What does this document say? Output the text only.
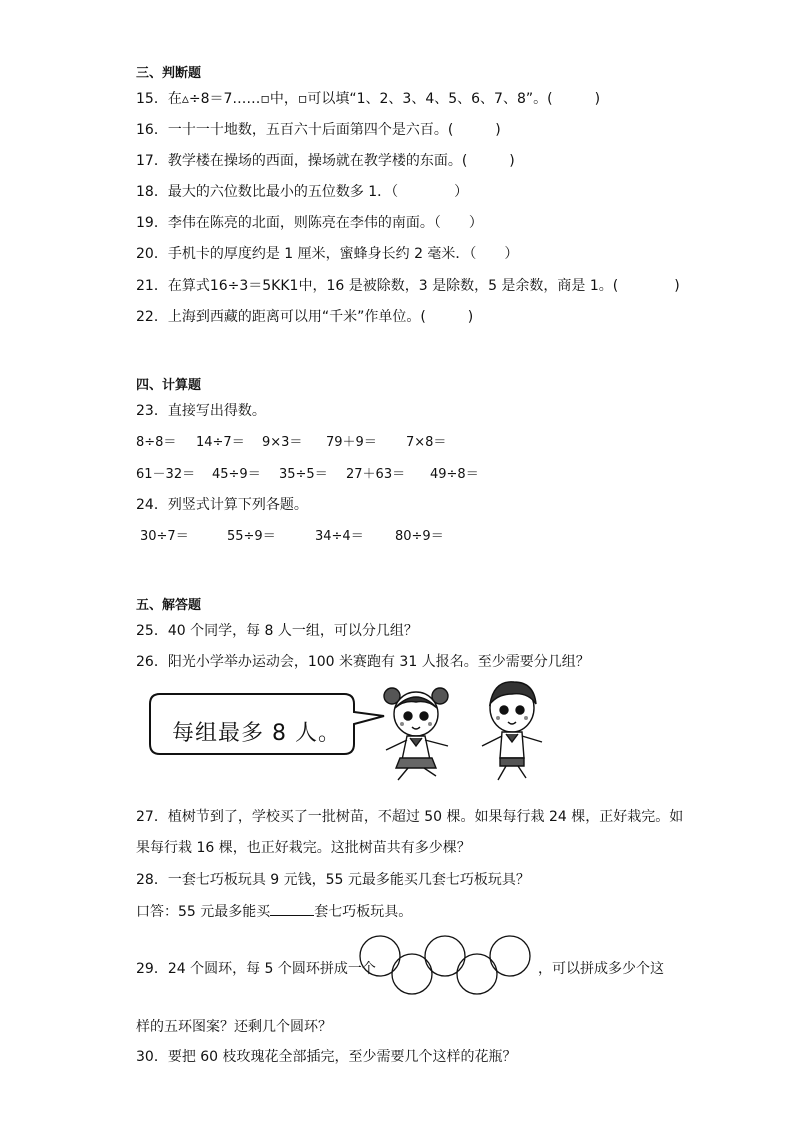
三、判断题
15．在▵÷8＝7……▫中，▫可以填“1、2、3、4、5、6、7、8”。(　　　)
16．一十一十地数，五百六十后面第四个是六百。(　　　)
17．教学楼在操场的西面，操场就在教学楼的东面。(　　　)
18．最大的六位数比最小的五位数多 1．（　　　　）
19．李伟在陈亮的北面，则陈亮在李伟的南面。（　　）
20．手机卡的厚度约是 1 厘米，蜜蜂身长约 2 毫米．（　　）
21．在算式16÷3＝5KK1中，16 是被除数，3 是除数，5 是余数，商是 1。(　　　　)
22．上海到西藏的距离可以用“千米”作单位。(　　　)
四、计算题
23．直接写出得数。
8÷8＝ 14÷7＝ 9×3＝ 79＋9＝ 7×8＝
61－32＝ 45÷9＝ 35÷5＝ 27＋63＝ 49÷8＝
24．列竖式计算下列各题。
30÷7＝	55÷9＝	34÷4＝ 80÷9＝
五、解答题
25．40 个同学，每 8 人一组，可以分几组？
26．阳光小学举办运动会，100 米赛跑有 31 人报名。至少需要分几组？
每组最多 8 人。
27．植树节到了，学校买了一批树苗，不超过 50 棵。如果每行栽 24 棵，正好栽完。如
果每行栽 16 棵，也正好栽完。这批树苗共有多少棵？
28．一套七巧板玩具 9 元钱，55 元最多能买几套七巧板玩具？
口答：55 元最多能买	套七巧板玩具。
29．24 个圆环，每 5 个圆环拼成一个	，可以拼成多少个这
样的五环图案？还剩几个圆环？
30．要把 60 枝玫瑰花全部插完，至少需要几个这样的花瓶？
